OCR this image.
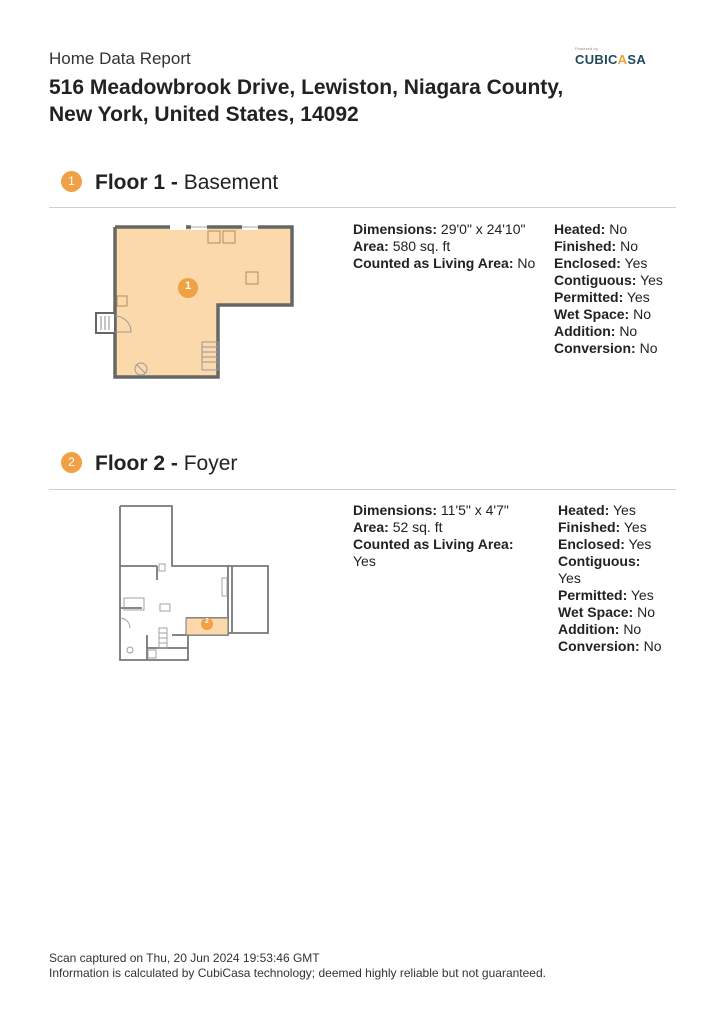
Home Data Report
516 Meadowbrook Drive, Lewiston, Niagara County, New York, United States, 14092
Powered by
CUBICASA
1 Floor 1 - Basement
1
Dimensions: 29'0" x 24'10"
Area: 580 sq. ft
Counted as Living Area: No
Heated: No
Finished: No
Enclosed: Yes
Contiguous: Yes
Permitted: Yes
Wet Space: No
Addition: No
Conversion: No
2 Floor 2 - Foyer
2
Dimensions: 11'5" x 4'7"
Area: 52 sq. ft
Counted as Living Area:
Yes
Heated: Yes
Finished: Yes
Enclosed: Yes
Contiguous:
Yes
Permitted: Yes
Wet Space: No
Addition: No
Conversion: No
Scan captured on Thu, 20 Jun 2024 19:53:46 GMT
Information is calculated by CubiCasa technology; deemed highly reliable but not guaranteed.
